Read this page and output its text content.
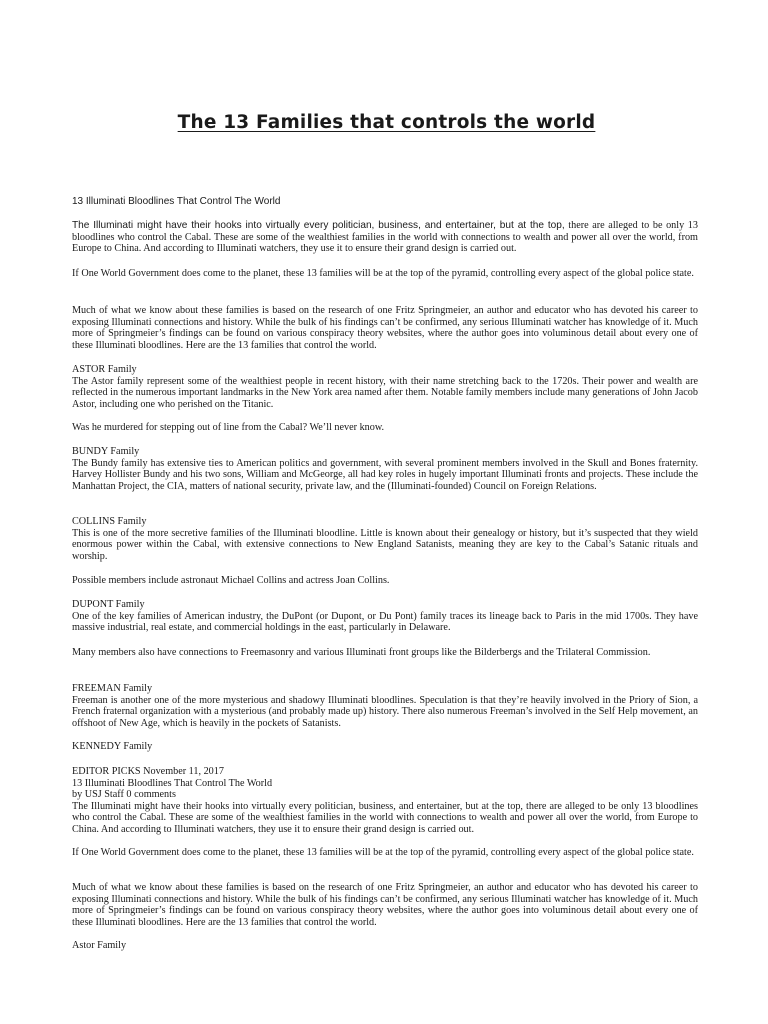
The 13 Families that controls the world

13 Illuminati Bloodlines That Control The World

The Illuminati might have their hooks into virtually every politician, business, and entertainer, but at the top, there are alleged to be only 13 bloodlines who control the Cabal. These are some of the wealthiest families in the world with connections to wealth and power all over the world, from Europe to China. And according to Illuminati watchers, they use it to ensure their grand design is carried out.

If One World Government does come to the planet, these 13 families will be at the top of the pyramid, controlling every aspect of the global police state.

Much of what we know about these families is based on the research of one Fritz Springmeier, an author and educator who has devoted his career to exposing Illuminati connections and history. While the bulk of his findings can’t be confirmed, any serious Illuminati watcher has knowledge of it. Much more of Springmeier’s findings can be found on various conspiracy theory websites, where the author goes into voluminous detail about every one of these Illuminati bloodlines. Here are the 13 families that control the world.

ASTOR Family
The Astor family represent some of the wealthiest people in recent history, with their name stretching back to the 1720s. Their power and wealth are reflected in the numerous important landmarks in the New York area named after them. Notable family members include many generations of John Jacob Astor, including one who perished on the Titanic.

Was he murdered for stepping out of line from the Cabal? We’ll never know.

BUNDY Family
The Bundy family has extensive ties to American politics and government, with several prominent members involved in the Skull and Bones fraternity. Harvey Hollister Bundy and his two sons, William and McGeorge, all had key roles in hugely important Illuminati fronts and projects. These include the Manhattan Project, the CIA, matters of national security, private law, and the (Illuminati-founded) Council on Foreign Relations.

COLLINS Family
This is one of the more secretive families of the Illuminati bloodline. Little is known about their genealogy or history, but it’s suspected that they wield enormous power within the Cabal, with extensive connections to New England Satanists, meaning they are key to the Cabal’s Satanic rituals and worship.

Possible members include astronaut Michael Collins and actress Joan Collins.

DUPONT Family
One of the key families of American industry, the DuPont (or Dupont, or Du Pont) family traces its lineage back to Paris in the mid 1700s. They have massive industrial, real estate, and commercial holdings in the east, particularly in Delaware.

Many members also have connections to Freemasonry and various Illuminati front groups like the Bilderbergs and the Trilateral Commission.

FREEMAN Family
Freeman is another one of the more mysterious and shadowy Illuminati bloodlines. Speculation is that they’re heavily involved in the Priory of Sion, a French fraternal organization with a mysterious (and probably made up) history. There also numerous Freeman’s involved in the Self Help movement, an offshoot of New Age, which is heavily in the pockets of Satanists.

KENNEDY Family

EDITOR PICKS November 11, 2017
13 Illuminati Bloodlines That Control The World
by USJ Staff 0 comments
The Illuminati might have their hooks into virtually every politician, business, and entertainer, but at the top, there are alleged to be only 13 bloodlines who control the Cabal. These are some of the wealthiest families in the world with connections to wealth and power all over the world, from Europe to China. And according to Illuminati watchers, they use it to ensure their grand design is carried out.

If One World Government does come to the planet, these 13 families will be at the top of the pyramid, controlling every aspect of the global police state.

Much of what we know about these families is based on the research of one Fritz Springmeier, an author and educator who has devoted his career to exposing Illuminati connections and history. While the bulk of his findings can’t be confirmed, any serious Illuminati watcher has knowledge of it. Much more of Springmeier’s findings can be found on various conspiracy theory websites, where the author goes into voluminous detail about every one of these Illuminati bloodlines. Here are the 13 families that control the world.

Astor Family
